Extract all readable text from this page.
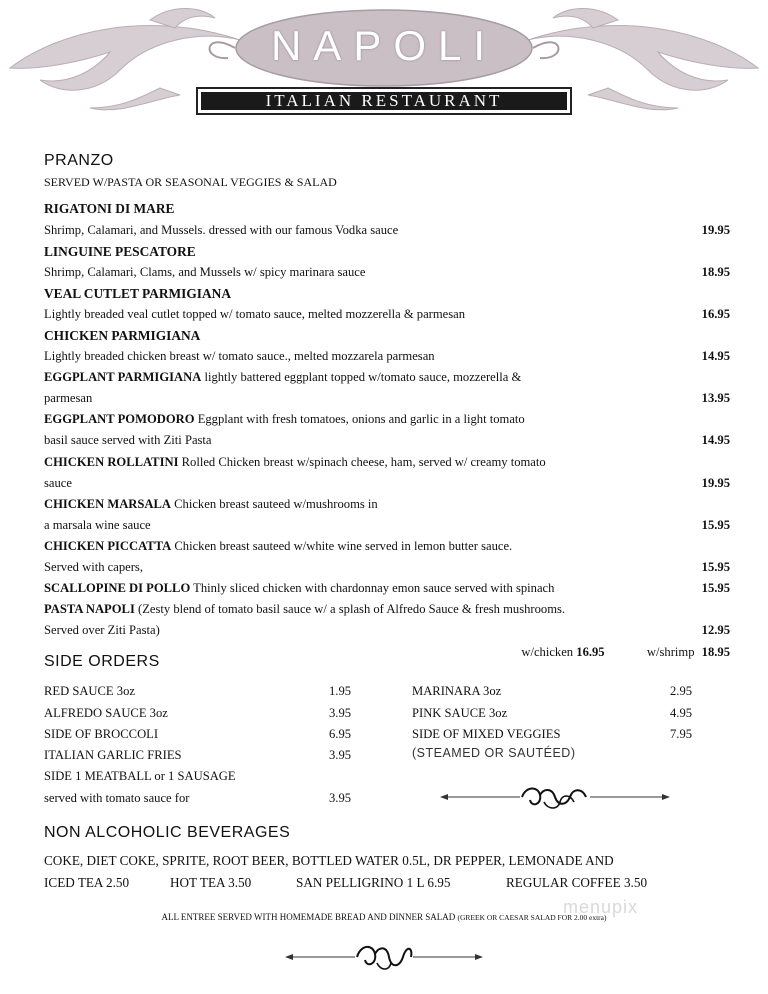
NAPOLI
ITALIAN RESTAURANT
PRANZO
SERVED W/PASTA OR SEASONAL VEGGIES & SALAD
RIGATONI DI MARE
Shrimp, Calamari, and Mussels. dressed with our famous Vodka sauce	19.95
LINGUINE PESCATORE
Shrimp, Calamari, Clams, and Mussels w/ spicy marinara sauce	18.95
VEAL CUTLET PARMIGIANA
Lightly breaded veal cutlet topped w/ tomato sauce, melted mozzerella & parmesan	16.95
CHICKEN PARMIGIANA
Lightly breaded chicken breast w/ tomato sauce., melted mozzarela parmesan	14.95
EGGPLANT PARMIGIANA lightly battered eggplant topped w/tomato sauce, mozzerella &
parmesan	13.95
EGGPLANT POMODORO Eggplant with fresh tomatoes, onions and garlic in a light tomato
basil sauce served with Ziti Pasta	14.95
CHICKEN ROLLATINI Rolled Chicken breast w/spinach cheese, ham, served w/ creamy tomato
sauce	19.95
CHICKEN MARSALA Chicken breast sauteed w/mushrooms in
a marsala wine sauce	15.95
CHICKEN PICCATTA Chicken breast sauteed w/white wine served in lemon butter sauce.
Served with capers,	15.95
SCALLOPINE DI POLLO Thinly sliced chicken with chardonnay emon sauce served with spinach	15.95
PASTA NAPOLI (Zesty blend of tomato basil sauce w/ a splash of Alfredo Sauce & fresh mushrooms.
Served over Ziti Pasta)	12.95
w/chicken 16.95	w/shrimp 18.95
SIDE ORDERS
RED SAUCE 3oz	1.95
ALFREDO SAUCE 3oz	3.95
SIDE OF BROCCOLI	6.95
ITALIAN GARLIC FRIES	3.95
SIDE 1 MEATBALL or 1 SAUSAGE
served with tomato sauce for	3.95
MARINARA 3oz	2.95
PINK SAUCE 3oz	4.95
SIDE OF MIXED VEGGIES	7.95
(STEAMED OR SAUTÉED)
NON ALCOHOLIC BEVERAGES
COKE, DIET COKE, SPRITE, ROOT BEER, BOTTLED WATER 0.5L, DR PEPPER, LEMONADE AND
ICED TEA 2.50	HOT TEA 3.50	SAN PELLIGRINO 1 L 6.95	REGULAR COFFEE 3.50
ALL ENTREE SERVED WITH HOMEMADE BREAD AND DINNER SALAD (GREEK OR CAESAR SALAD FOR 2.00 extra)
menupix
